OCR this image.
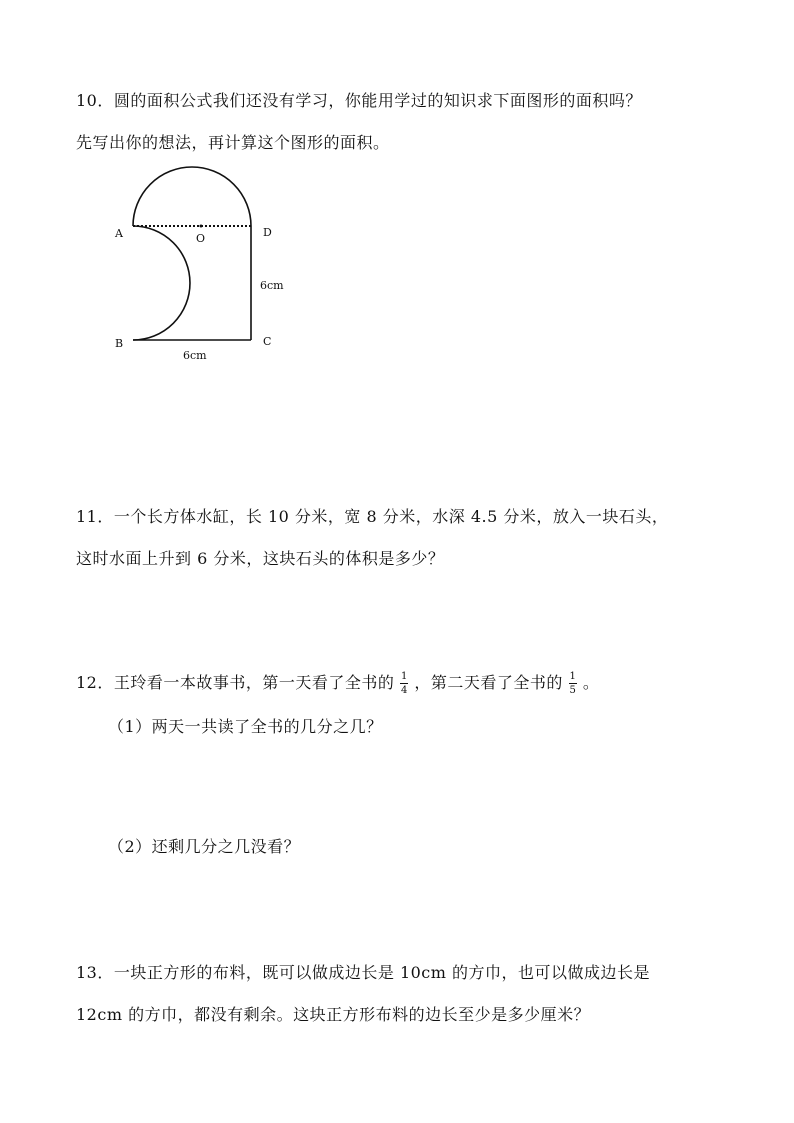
10．圆的面积公式我们还没有学习，你能用学过的知识求下面图形的面积吗？
先写出你的想法，再计算这个图形的面积。
A	O	D
6cm
B	C
6cm
11．一个长方体水缸，长 10 分米，宽 8 分米，水深 4.5 分米，放入一块石头，
这时水面上升到 6 分米，这块石头的体积是多少？
12．王玲看一本故事书，第一天看了全书的 $\frac{1}{4}$ ，第二天看了全书的 $\frac{1}{5}$ 。
（1）两天一共读了全书的几分之几？
（2）还剩几分之几没看？
13．一块正方形的布料，既可以做成边长是 10cm 的方巾，也可以做成边长是
12cm 的方巾，都没有剩余。这块正方形布料的边长至少是多少厘米？
